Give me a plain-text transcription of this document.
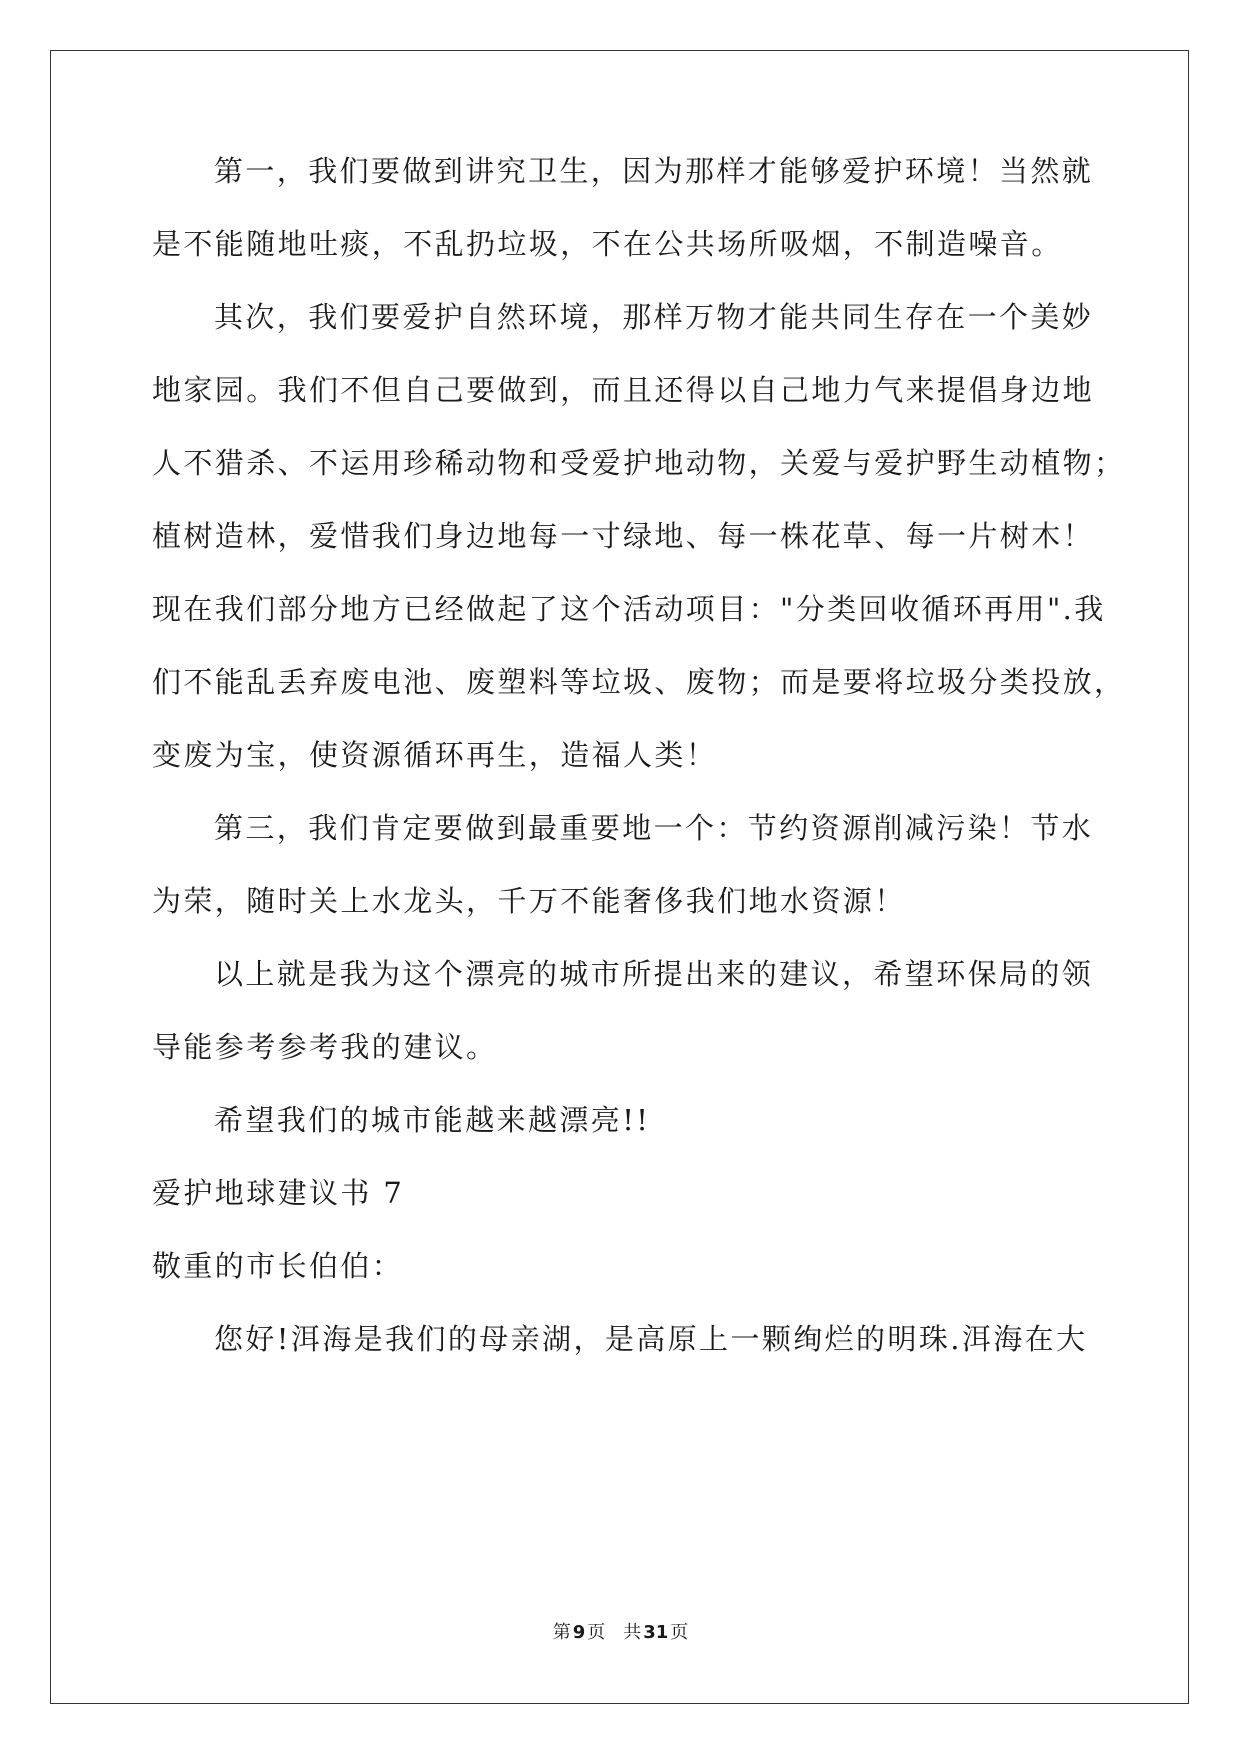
第一，我们要做到讲究卫生，因为那样才能够爱护环境！当然就
是不能随地吐痰，不乱扔垃圾，不在公共场所吸烟，不制造噪音。
其次，我们要爱护自然环境，那样万物才能共同生存在一个美妙
地家园。我们不但自己要做到，而且还得以自己地力气来提倡身边地
人不猎杀、不运用珍稀动物和受爱护地动物，关爱与爱护野生动植物；
植树造林，爱惜我们身边地每一寸绿地、每一株花草、每一片树木！
现在我们部分地方已经做起了这个活动项目："分类回收循环再用".我
们不能乱丢弃废电池、废塑料等垃圾、废物；而是要将垃圾分类投放，
变废为宝，使资源循环再生，造福人类！
第三，我们肯定要做到最重要地一个：节约资源削减污染！节水
为荣，随时关上水龙头，千万不能奢侈我们地水资源！
以上就是我为这个漂亮的城市所提出来的建议，希望环保局的领
导能参考参考我的建议。
希望我们的城市能越来越漂亮!!
爱护地球建议书 7
敬重的市长伯伯：
您好!洱海是我们的母亲湖，是高原上一颗绚烂的明珠.洱海在大
第 9 页 共 31 页
